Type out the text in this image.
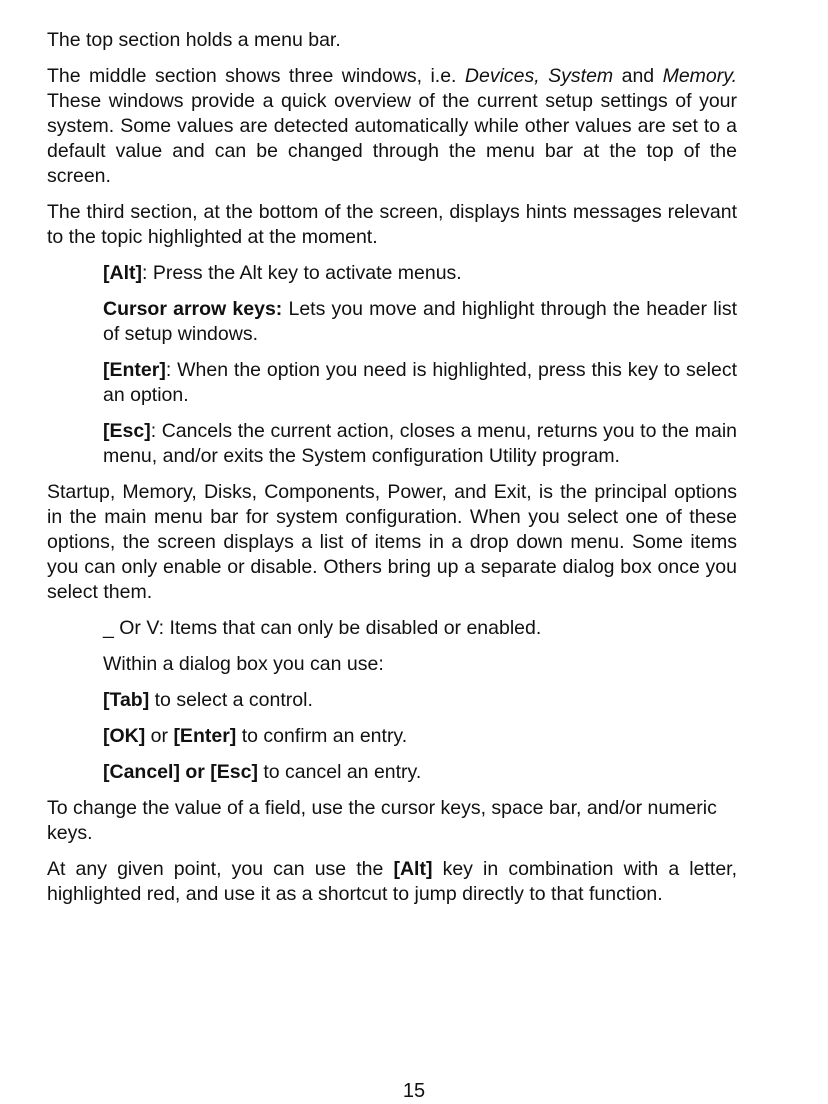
The top section holds a menu bar.

The middle section shows three windows, i.e. Devices, System and Memory. These windows provide a quick overview of the current setup settings of your system. Some values are detected automatically while other values are set to a default value and can be changed through the menu bar at the top of the screen.

The third section, at the bottom of the screen, displays hints messages relevant to the topic highlighted at the moment.

[Alt]: Press the Alt key to activate menus.

Cursor arrow keys: Lets you move and highlight through the header list of setup windows.

[Enter]: When the option you need is highlighted, press this key to select an option.

[Esc]: Cancels the current action, closes a menu, returns you to the main menu, and/or exits the System configuration Utility program.

Startup, Memory, Disks, Components, Power, and Exit, is the principal options in the main menu bar for system configuration. When you select one of these options, the screen displays a list of items in a drop down menu. Some items you can only enable or disable. Others bring up a separate dialog box once you select them.

_ Or V: Items that can only be disabled or enabled.

Within a dialog box you can use:

[Tab] to select a control.

[OK] or [Enter] to confirm an entry.

[Cancel] or [Esc] to cancel an entry.

To change the value of a field, use the cursor keys, space bar, and/or numeric keys.

At any given point, you can use the [Alt] key in combination with a letter, highlighted red, and use it as a shortcut to jump directly to that function.

15
